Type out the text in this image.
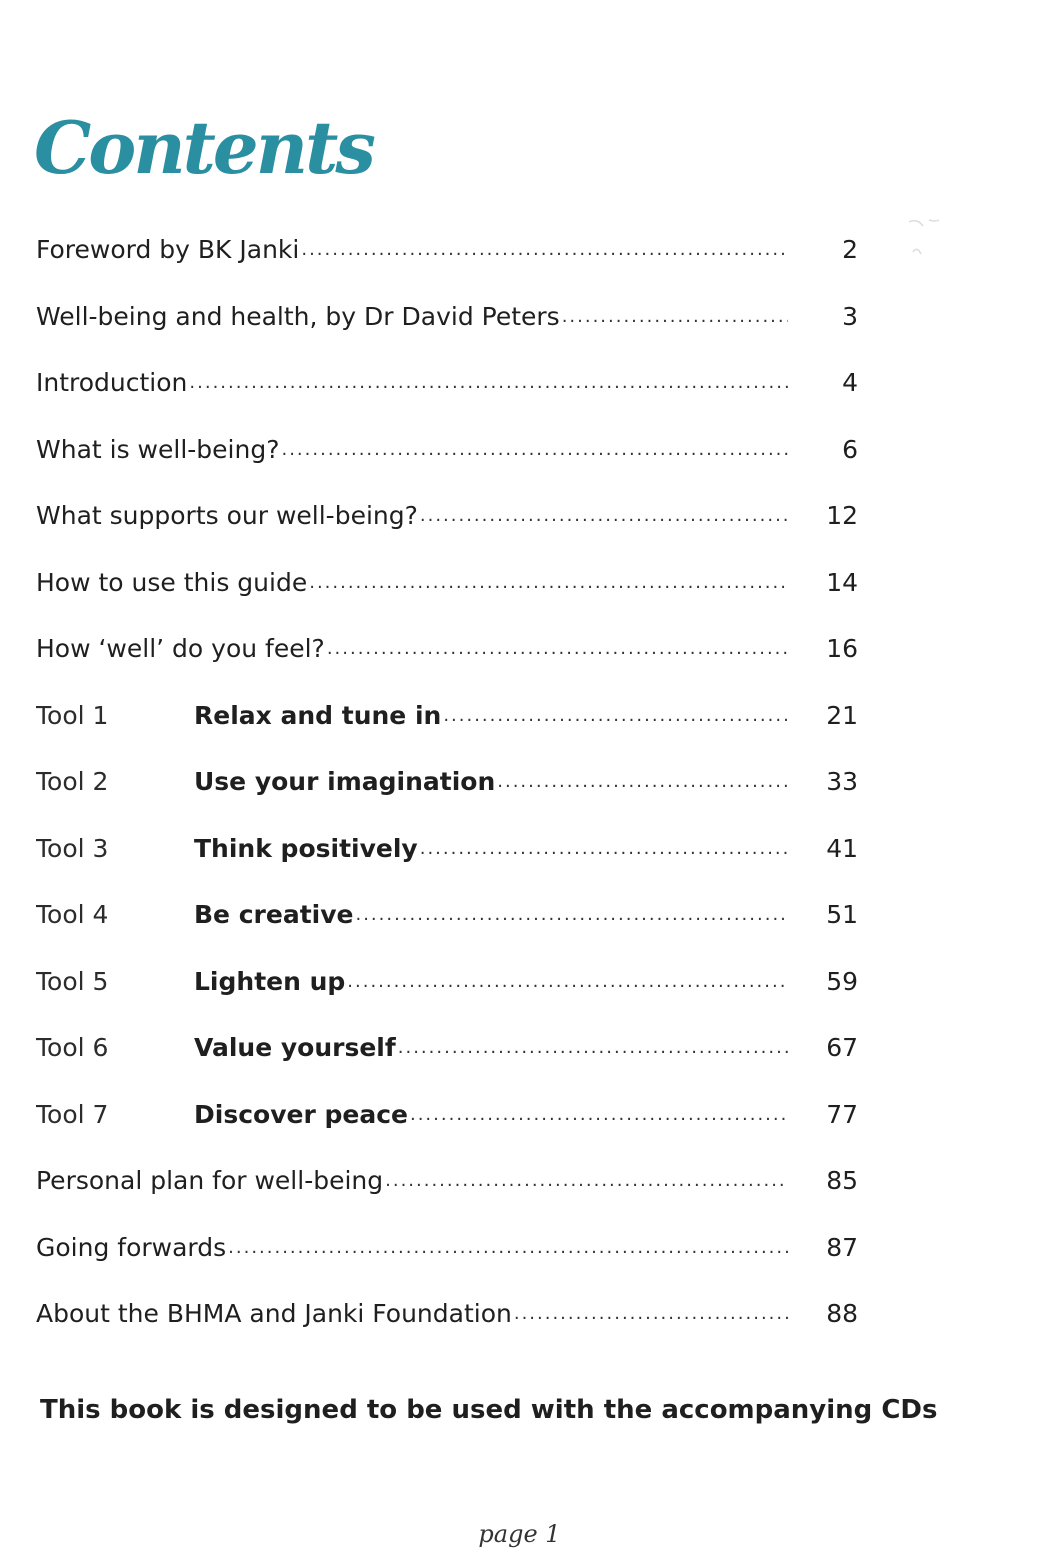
Contents
Foreword by BK Janki .....	2
Well-being and health, by Dr David Peters .....	3
Introduction .....	4
What is well-being? .....	6
What supports our well-being? .....	12
How to use this guide .....	14
How ‘well’ do you feel? .....	16
Tool 1	Relax and tune in .....	21
Tool 2	Use your imagination .....	33
Tool 3	Think positively .....	41
Tool 4	Be creative .....	51
Tool 5	Lighten up .....	59
Tool 6	Value yourself .....	67
Tool 7	Discover peace .....	77
Personal plan for well-being .....	85
Going forwards .....	87
About the BHMA and Janki Foundation .....	88

This book is designed to be used with the accompanying CDs

page 1
